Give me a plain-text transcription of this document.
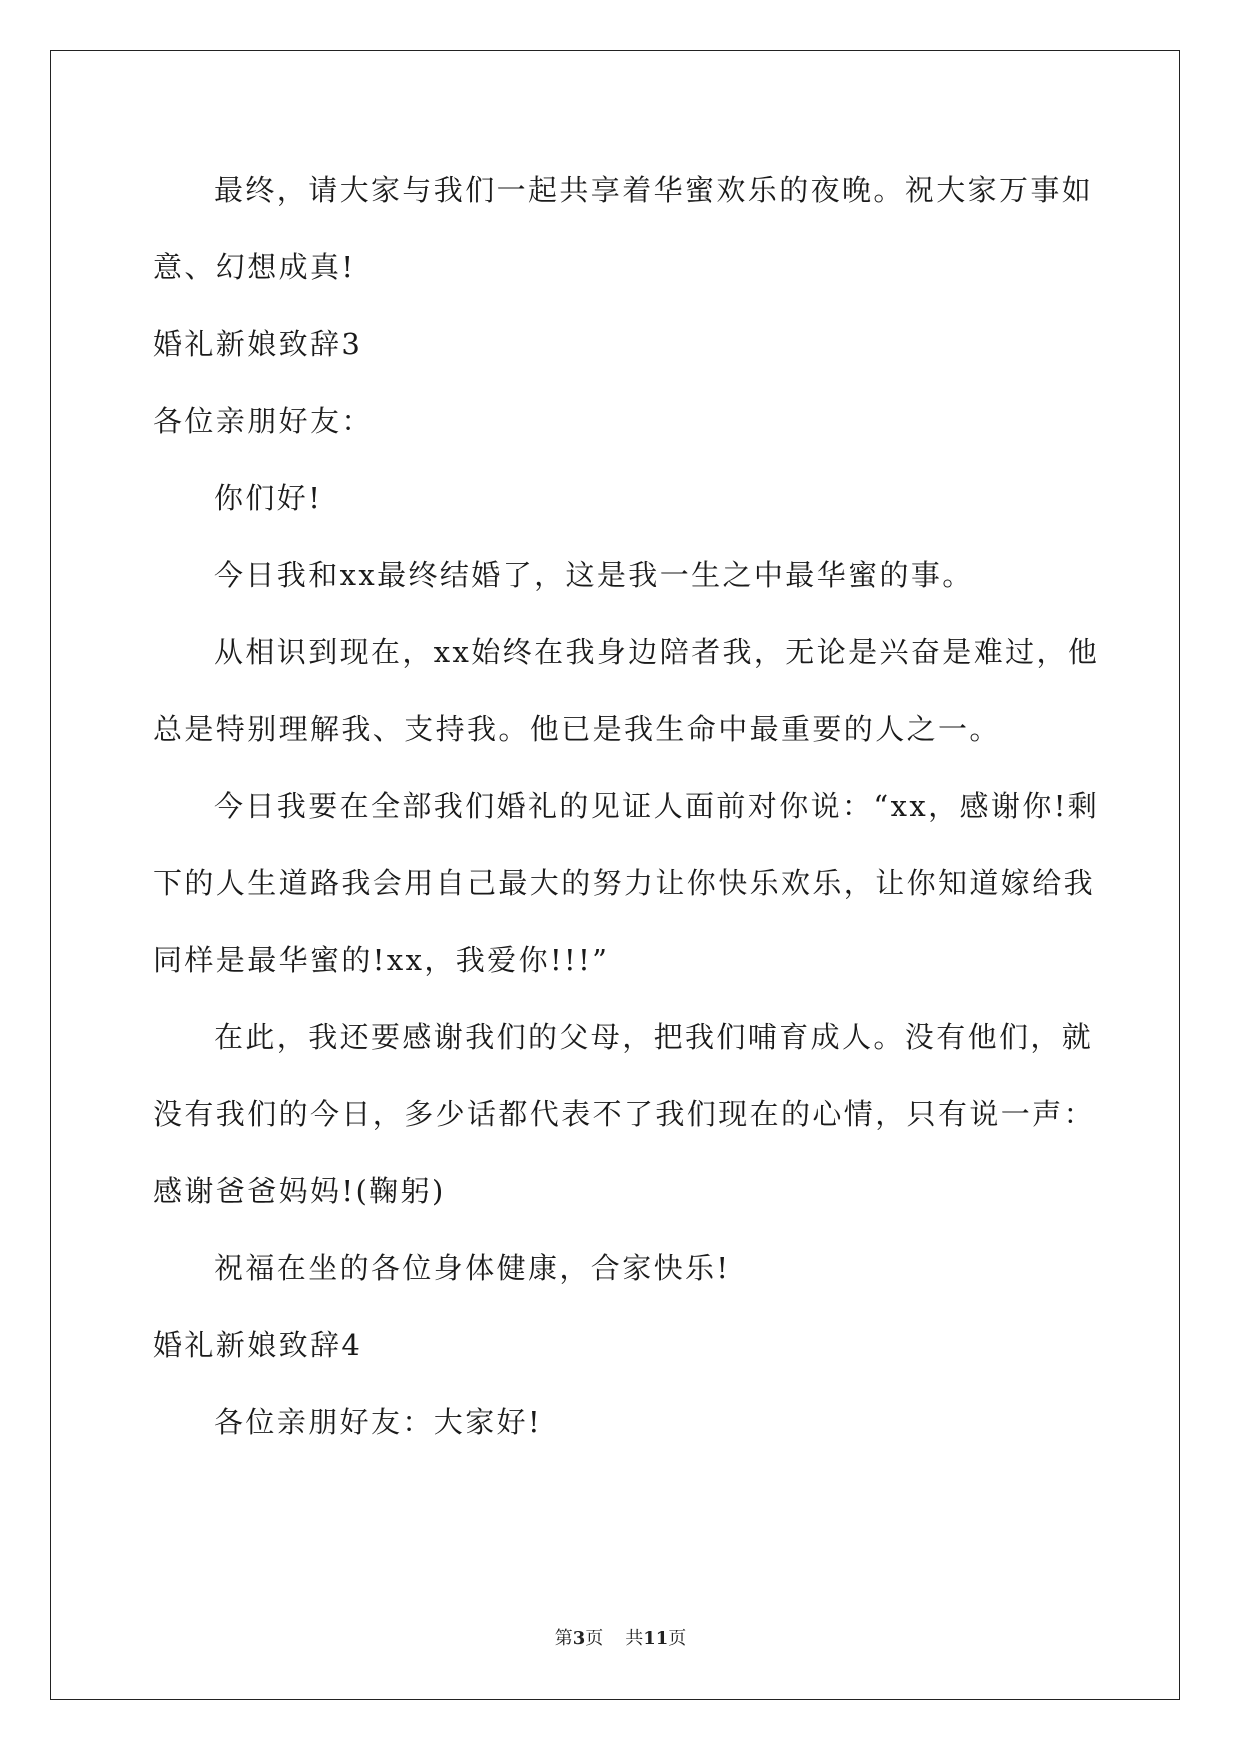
最终，请大家与我们一起共享着华蜜欢乐的夜晚。祝大家万事如
意、幻想成真!
婚礼新娘致辞3
各位亲朋好友：
你们好!
今日我和xx最终结婚了，这是我一生之中最华蜜的事。
从相识到现在，xx始终在我身边陪者我，无论是兴奋是难过，他
总是特别理解我、支持我。他已是我生命中最重要的人之一。
今日我要在全部我们婚礼的见证人面前对你说：“xx，感谢你!剩
下的人生道路我会用自己最大的努力让你快乐欢乐，让你知道嫁给我
同样是最华蜜的!xx，我爱你!!!”
在此，我还要感谢我们的父母，把我们哺育成人。没有他们，就
没有我们的今日，多少话都代表不了我们现在的心情，只有说一声：
感谢爸爸妈妈!(鞠躬)
祝福在坐的各位身体健康，合家快乐!
婚礼新娘致辞4
各位亲朋好友：大家好!
第3页 共11页
